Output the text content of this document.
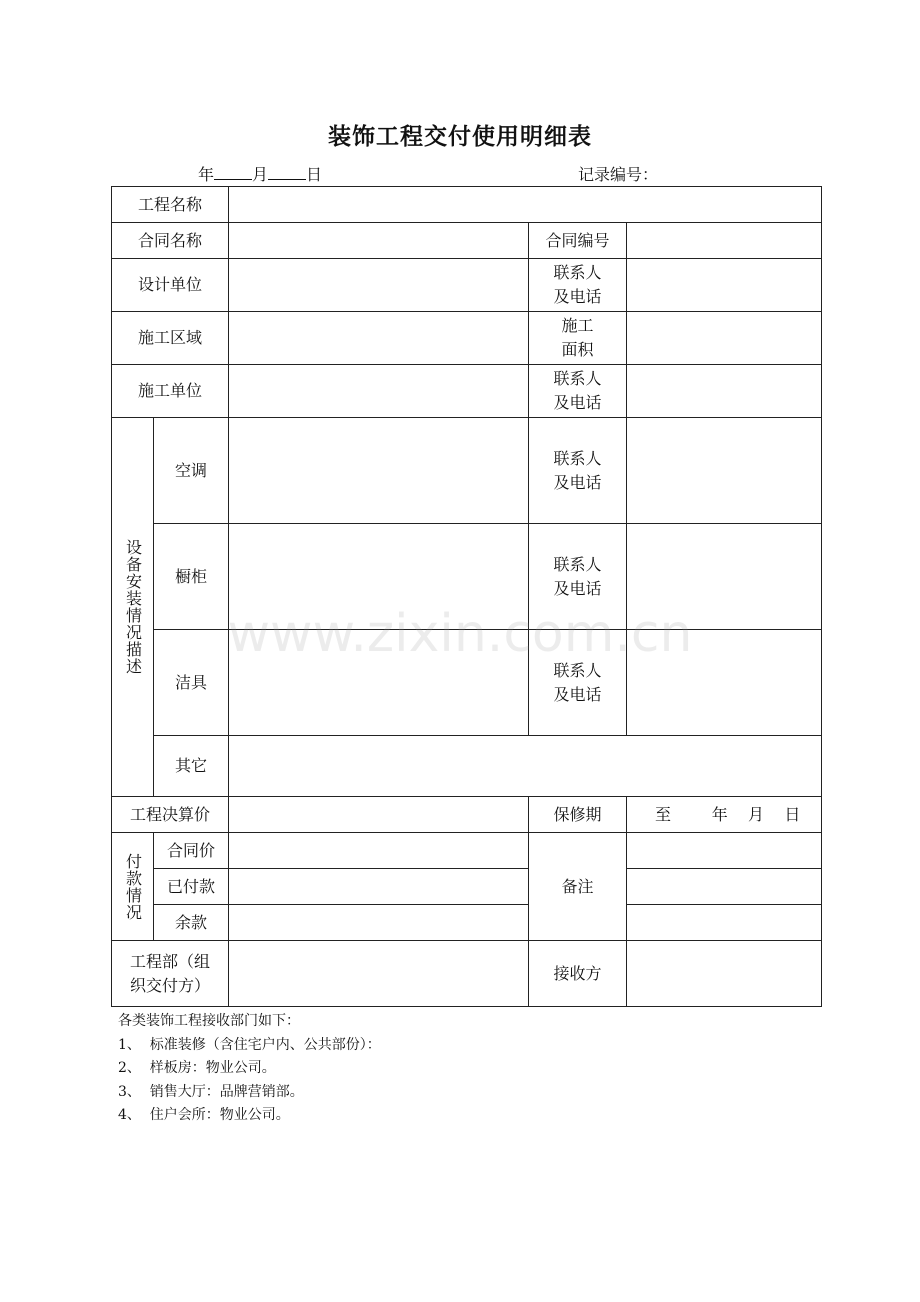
装饰工程交付使用明细表
年 月 日	记录编号：
工程名称				
合同名称			合同编号	
设计单位			联系人
及电话	
施工区域			施工
面积	
施工单位			联系人
及电话	

设备安装情况描述	空调		联系人
及电话	
	橱柜		联系人
及电话	
	洁具		联系人
及电话	
	其它			
工程决算价			保修期	至        年    月    日

付款情况	合同价		备注	
	已付款			
	余款			
工程部（组
织交付方）			接收方	
各类装饰工程接收部门如下：
1、  标准装修（含住宅户内、公共部份）：
2、  样板房：物业公司。
3、  销售大厅：品牌营销部。
4、  住户会所：物业公司。
www.zixin.com.cn
